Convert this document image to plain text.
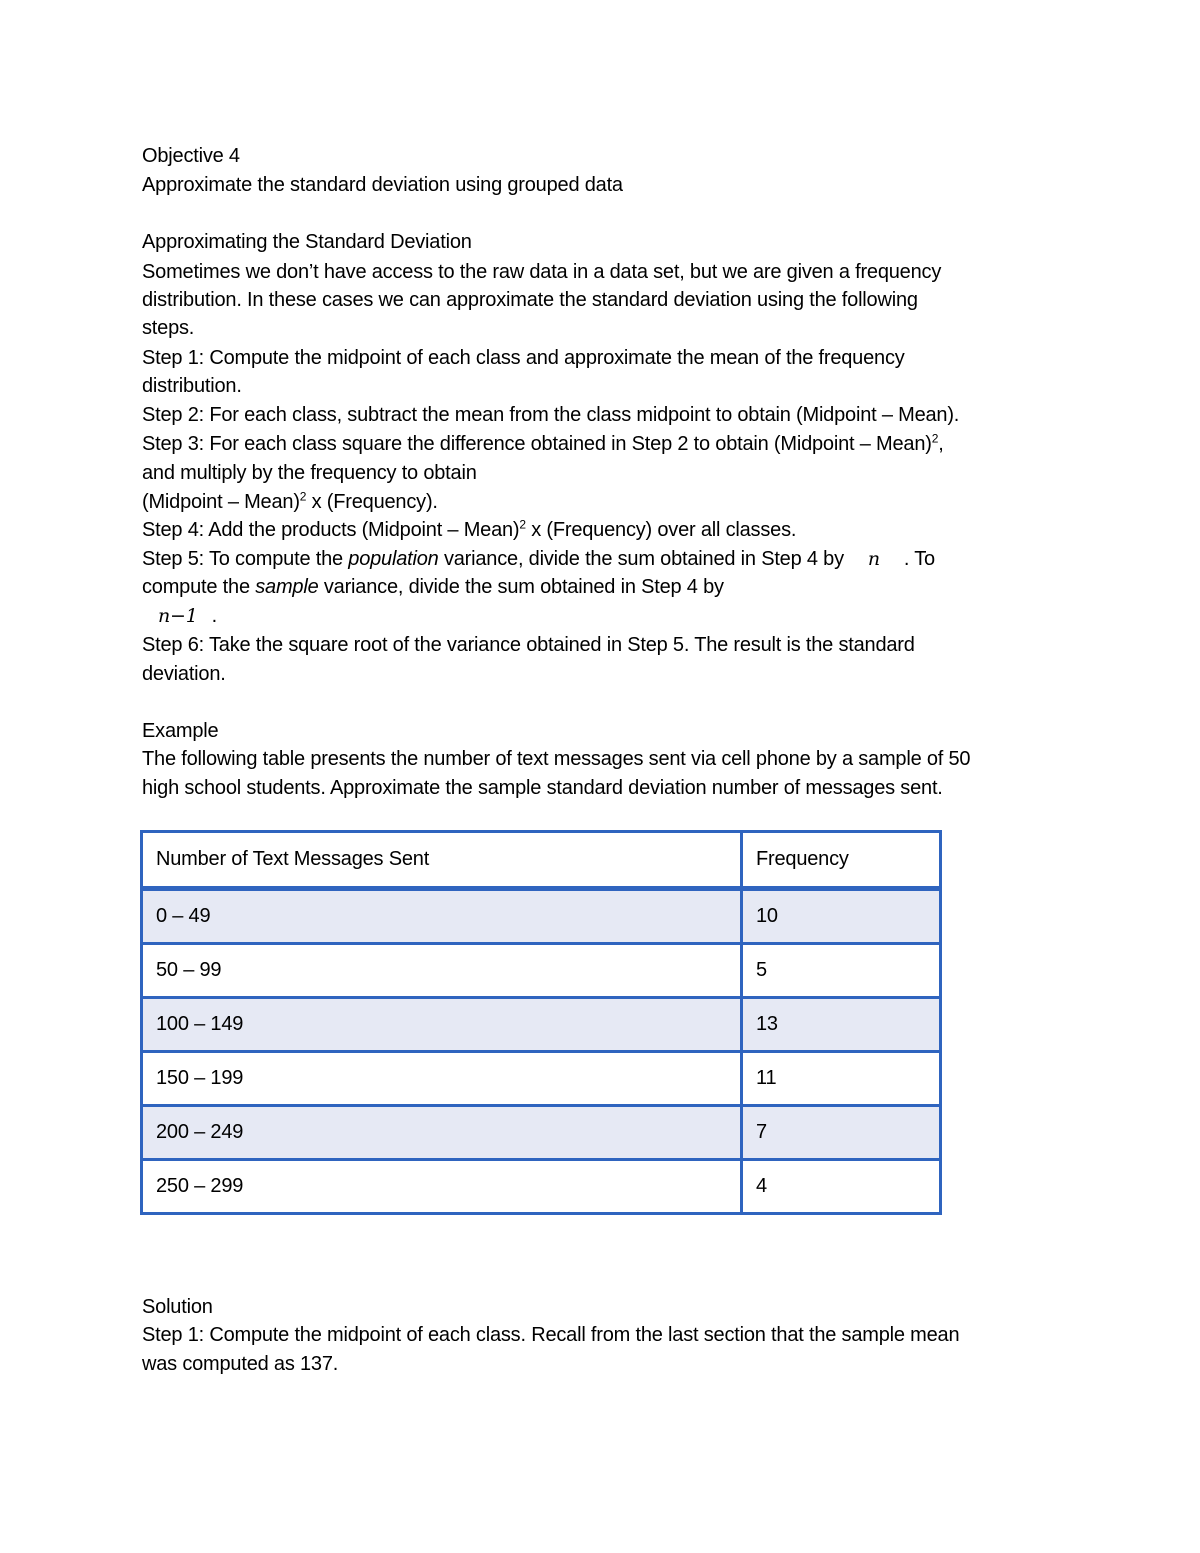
Objective 4
Approximate the standard deviation using grouped data
Approximating the Standard Deviation
Sometimes we don’t have access to the raw data in a data set, but we are given a frequency
distribution. In these cases we can approximate the standard deviation using the following
steps.
Step 1: Compute the midpoint of each class and approximate the mean of the frequency
distribution.
Step 2: For each class, subtract the mean from the class midpoint to obtain (Midpoint – Mean).
Step 3: For each class square the difference obtained in Step 2 to obtain (Midpoint – Mean)$^2$,
and multiply by the frequency to obtain
(Midpoint – Mean)$^2$ x (Frequency).
Step 4: Add the products (Midpoint – Mean)$^2$ x (Frequency) over all classes.
Step 5: To compute the population variance, divide the sum obtained in Step 4 by n . To
compute the sample variance, divide the sum obtained in Step 4 by
n−1 .
Step 6: Take the square root of the variance obtained in Step 5. The result is the standard
deviation.
Example
The following table presents the number of text messages sent via cell phone by a sample of 50
high school students. Approximate the sample standard deviation number of messages sent.
Number of Text Messages Sent	Frequency
0 – 49	10
50 – 99	5
100 – 149	13
150 – 199	11
200 – 249	7
250 – 299	4
Solution
Step 1: Compute the midpoint of each class. Recall from the last section that the sample mean
was computed as 137.
